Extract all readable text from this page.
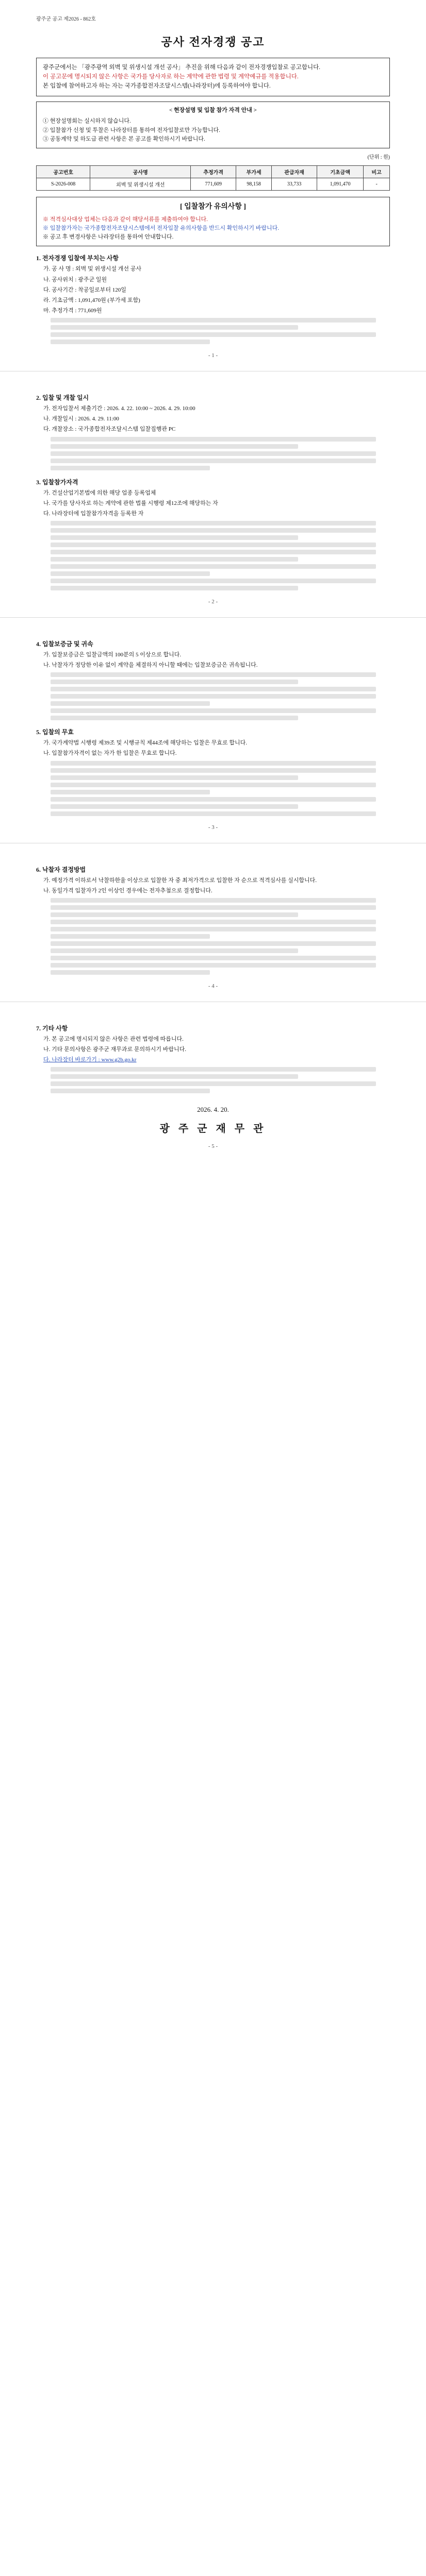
광주군 공고 제2026 - 862호
공사 전자경쟁 공고
광주군에서는 「광주광역 외벽 및 위생시설 개선 공사」 추진을 위해 다음과 같이 전자경쟁입찰로 공고합니다.
이 공고문에 명시되지 않은 사항은 국가를 당사자로 하는 계약에 관한 법령 및 계약예규를 적용합니다.
본 입찰에 참여하고자 하는 자는 국가종합전자조달시스템(나라장터)에 등록하여야 합니다.
< 현장설명 및 입찰 참가 자격 안내 >
① 현장설명회는 실시하지 않습니다.
② 입찰참가 신청 및 투찰은 나라장터를 통하여 전자입찰로만 가능합니다.
③ 공동계약 및 하도급 관련 사항은 본 공고를 확인하시기 바랍니다.
(단위 : 원)
공고번호	공사명	추정가격	부가세	관급자재	기초금액	비고
S-2026-008	외벽 및 위생시설 개선	771,609	98,158	33,733	1,091,470	-
[ 입찰참가 유의사항 ]
※ 적격심사대상 업체는 다음과 같이 해당서류를 제출하여야 합니다.
※ 입찰참가자는 국가종합전자조달시스템에서 전자입찰 유의사항을 반드시 확인하시기 바랍니다.
※ 공고 후 변경사항은 나라장터를 통하여 안내합니다.
1. 전자경쟁 입찰에 부치는 사항
가. 공 사 명 : 외벽 및 위생시설 개선 공사
나. 공사위치 : 광주군 일원
다. 공사기간 : 착공일로부터 120일
라. 기초금액 : 1,091,470원 (부가세 포함)
마. 추정가격 : 771,609원
- 1 -
2. 입찰 및 개찰 일시
가. 전자입찰서 제출기간 : 2026. 4. 22. 10:00 ~ 2026. 4. 29. 10:00
나. 개찰일시 : 2026. 4. 29. 11:00
다. 개찰장소 : 국가종합전자조달시스템 입찰집행관 PC
3. 입찰참가자격
가. 건설산업기본법에 의한 해당 업종 등록업체
나. 국가를 당사자로 하는 계약에 관한 법률 시행령 제12조에 해당하는 자
다. 나라장터에 입찰참가자격을 등록한 자
- 2 -
4. 입찰보증금 및 귀속
가. 입찰보증금은 입찰금액의 100분의 5 이상으로 합니다.
나. 낙찰자가 정당한 이유 없이 계약을 체결하지 아니할 때에는 입찰보증금은 귀속됩니다.
5. 입찰의 무효
가. 국가계약법 시행령 제39조 및 시행규칙 제44조에 해당하는 입찰은 무효로 합니다.
나. 입찰참가자격이 없는 자가 한 입찰은 무효로 합니다.
- 3 -
6. 낙찰자 결정방법
가. 예정가격 이하로서 낙찰하한율 이상으로 입찰한 자 중 최저가격으로 입찰한 자 순으로 적격심사를 실시합니다.
나. 동일가격 입찰자가 2인 이상인 경우에는 전자추첨으로 결정합니다.
- 4 -
7. 기타 사항
가. 본 공고에 명시되지 않은 사항은 관련 법령에 따릅니다.
나. 기타 문의사항은 광주군 재무과로 문의하시기 바랍니다.
다. 나라장터 바로가기 : www.g2b.go.kr
2026. 4. 20.
광 주 군 재 무 관
- 5 -
